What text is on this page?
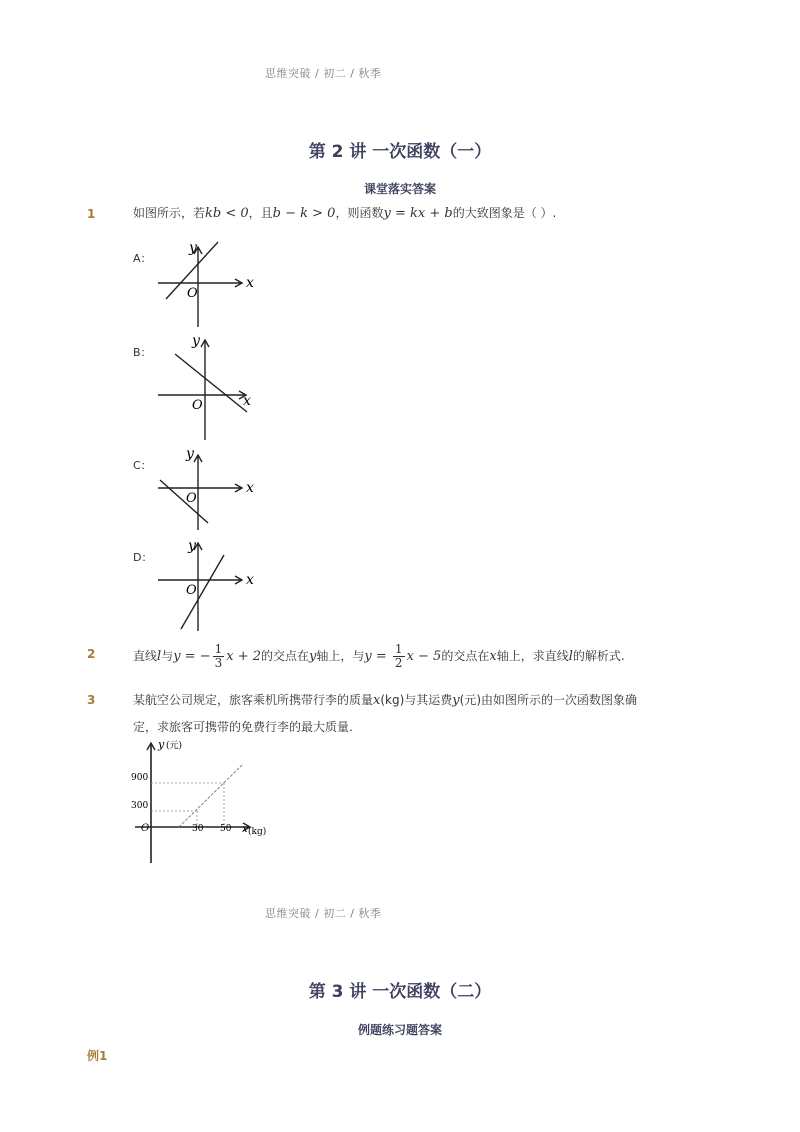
思维突破 / 初二 / 秋季
第 2 讲 一次函数（一）
课堂落实答案
1	如图所示，若kb < 0，且b − k > 0，则函数y = kx + b的大致图象是（ ）.
A：
x
y
O
B：
x
y
O
C：
x
y
O
D：
x
y
O
2	直线l与y = − $\frac{1}{3}$ x + 2的交点在y轴上，与$y = \frac{1}{2}$ x − 5的交点在x轴上，求直线l的解析式.
3	某航空公司规定，旅客乘机所携带行李的质量x(kg)与其运费y(元)由如图所示的一次函数图象确
定，求旅客可携带的免费行李的最大质量.
y (元)
900
300
O	30 50 x (kg)
思维突破 / 初二 / 秋季
第 3 讲 一次函数（二）
例题练习题答案
例1
